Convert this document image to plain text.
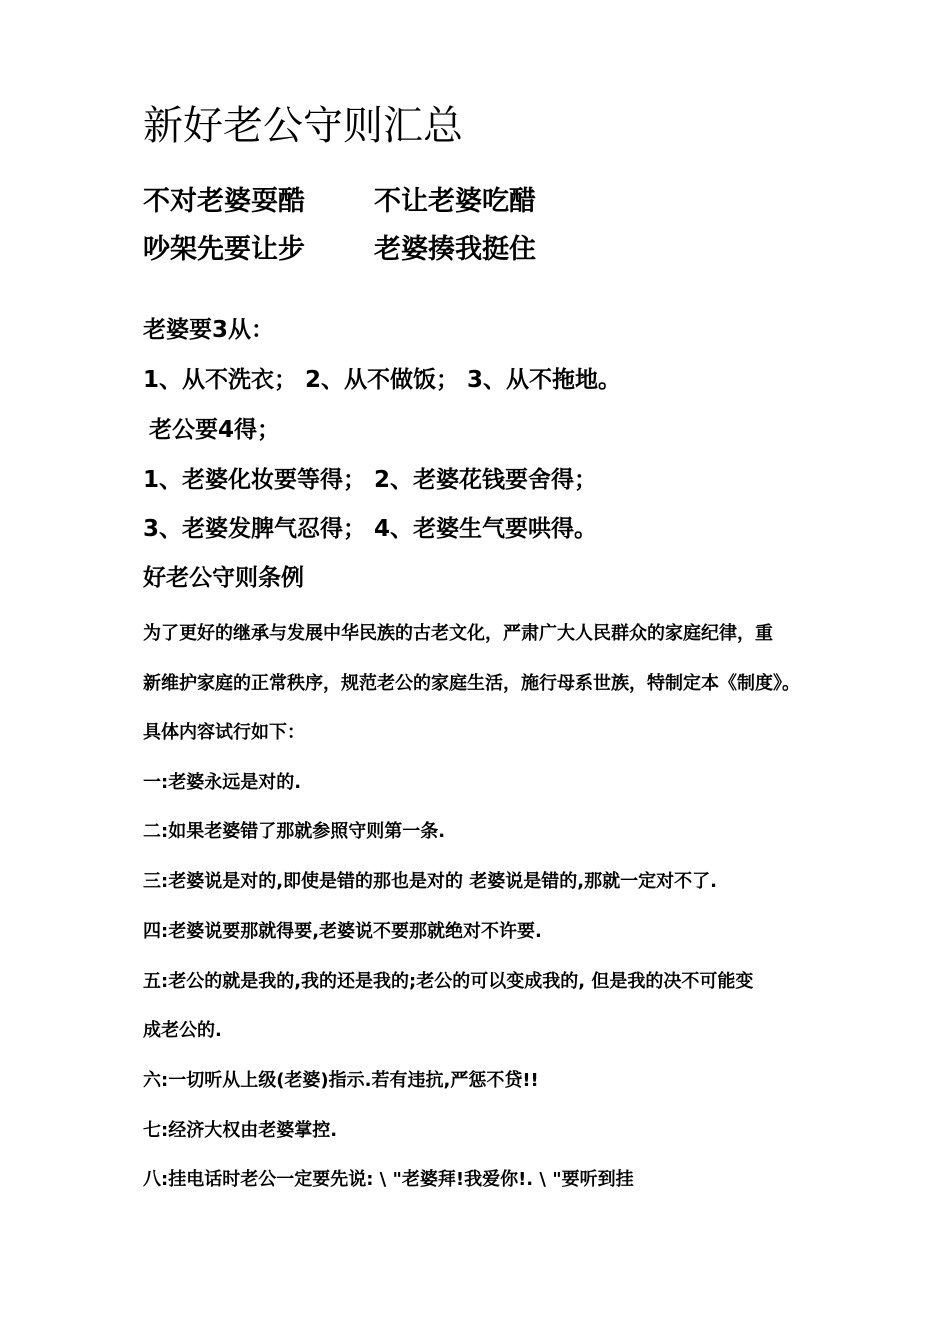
新好老公守则汇总
不对老婆耍酷	不让老婆吃醋
吵架先要让步	老婆揍我挺住
老婆要3从：
1、从不洗衣； 2、从不做饭； 3、从不拖地。
老公要4得；
1、老婆化妆要等得； 2、老婆花钱要舍得；
3、老婆发脾气忍得； 4、老婆生气要哄得。
好老公守则条例
为了更好的继承与发展中华民族的古老文化，严肃广大人民群众的家庭纪律，重
新维护家庭的正常秩序，规范老公的家庭生活，施行母系世族，特制定本《制度》。
具体内容试行如下：
一:老婆永远是对的.
二:如果老婆错了那就参照守则第一条.
三:老婆说是对的,即使是错的那也是对的 老婆说是错的,那就一定对不了.
四:老婆说要那就得要,老婆说不要那就绝对不许要.
五:老公的就是我的,我的还是我的;老公的可以变成我的, 但是我的决不可能变
成老公的.
六:一切听从上级(老婆)指示.若有违抗,严惩不贷!!
七:经济大权由老婆掌控.
八:挂电话时老公一定要先说: \ "老婆拜!我爱你!. \ "要听到挂
